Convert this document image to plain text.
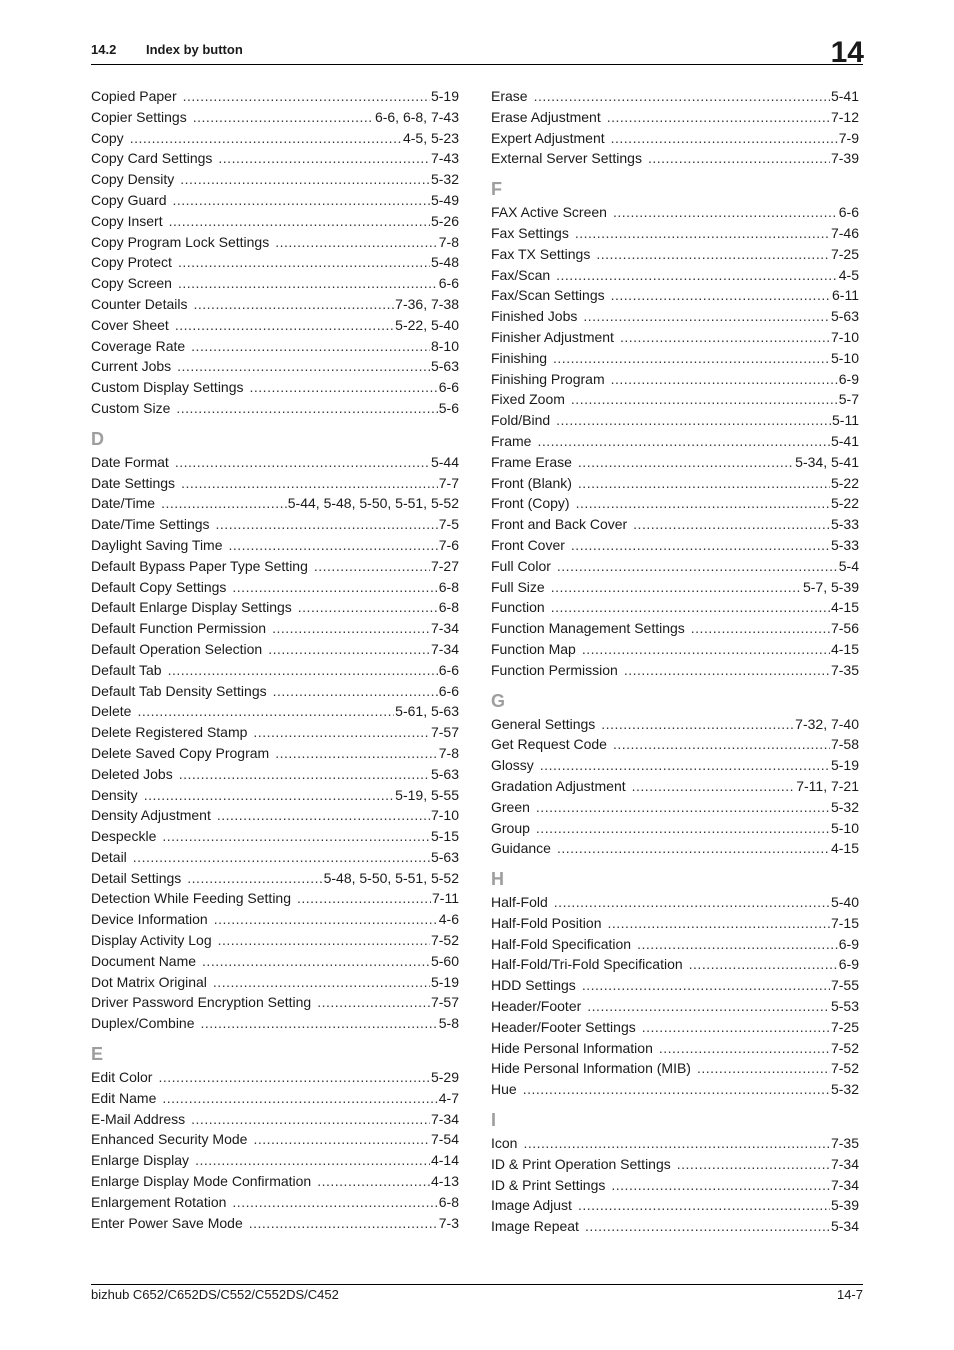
14.2 Index by button	14
Copied Paper .....	5-19
Copier Settings .....	6-6, 6-8, 7-43
Copy .....	4-5, 5-23
Copy Card Settings .....	7-43
Copy Density .....	5-32
Copy Guard .....	5-49
Copy Insert .....	5-26
Copy Program Lock Settings .....	7-8
Copy Protect .....	5-48
Copy Screen .....	6-6
Counter Details .....	7-36, 7-38
Cover Sheet .....	5-22, 5-40
Coverage Rate .....	8-10
Current Jobs .....	5-63
Custom Display Settings .....	6-6
Custom Size .....	5-6
D
Date Format .....	5-44
Date Settings .....	7-7
Date/Time .....	5-44, 5-48, 5-50, 5-51, 5-52
Date/Time Settings .....	7-5
Daylight Saving Time .....	7-6
Default Bypass Paper Type Setting .....	7-27
Default Copy Settings .....	6-8
Default Enlarge Display Settings .....	6-8
Default Function Permission .....	7-34
Default Operation Selection .....	7-34
Default Tab .....	6-6
Default Tab Density Settings .....	6-6
Delete .....	5-61, 5-63
Delete Registered Stamp .....	7-57
Delete Saved Copy Program .....	7-8
Deleted Jobs .....	5-63
Density .....	5-19, 5-55
Density Adjustment .....	7-10
Despeckle .....	5-15
Detail .....	5-63
Detail Settings .....	5-48, 5-50, 5-51, 5-52
Detection While Feeding Setting .....	7-11
Device Information .....	4-6
Display Activity Log .....	7-52
Document Name .....	5-60
Dot Matrix Original .....	5-19
Driver Password Encryption Setting .....	7-57
Duplex/Combine .....	5-8
E
Edit Color .....	5-29
Edit Name .....	4-7
E-Mail Address .....	7-34
Enhanced Security Mode .....	7-54
Enlarge Display .....	4-14
Enlarge Display Mode Confirmation .....	4-13
Enlargement Rotation .....	6-8
Enter Power Save Mode .....	7-3
Erase .....	5-41
Erase Adjustment .....	7-12
Expert Adjustment .....	7-9
External Server Settings .....	7-39
F
FAX Active Screen .....	6-6
Fax Settings .....	7-46
Fax TX Settings .....	7-25
Fax/Scan .....	4-5
Fax/Scan Settings .....	6-11
Finished Jobs .....	5-63
Finisher Adjustment .....	7-10
Finishing .....	5-10
Finishing Program .....	6-9
Fixed Zoom .....	5-7
Fold/Bind .....	5-11
Frame .....	5-41
Frame Erase .....	5-34, 5-41
Front (Blank) .....	5-22
Front (Copy) .....	5-22
Front and Back Cover .....	5-33
Front Cover .....	5-33
Full Color .....	5-4
Full Size .....	5-7, 5-39
Function .....	4-15
Function Management Settings .....	7-56
Function Map .....	4-15
Function Permission .....	7-35
G
General Settings .....	7-32, 7-40
Get Request Code .....	7-58
Glossy .....	5-19
Gradation Adjustment .....	7-11, 7-21
Green .....	5-32
Group .....	5-10
Guidance .....	4-15
H
Half-Fold .....	5-40
Half-Fold Position .....	7-15
Half-Fold Specification .....	6-9
Half-Fold/Tri-Fold Specification .....	6-9
HDD Settings .....	7-55
Header/Footer .....	5-53
Header/Footer Settings .....	7-25
Hide Personal Information .....	7-52
Hide Personal Information (MIB) .....	7-52
Hue .....	5-32
I
Icon .....	7-35
ID & Print Operation Settings .....	7-34
ID & Print Settings .....	7-34
Image Adjust .....	5-39
Image Repeat .....	5-34
bizhub C652/C652DS/C552/C552DS/C452	14-7
